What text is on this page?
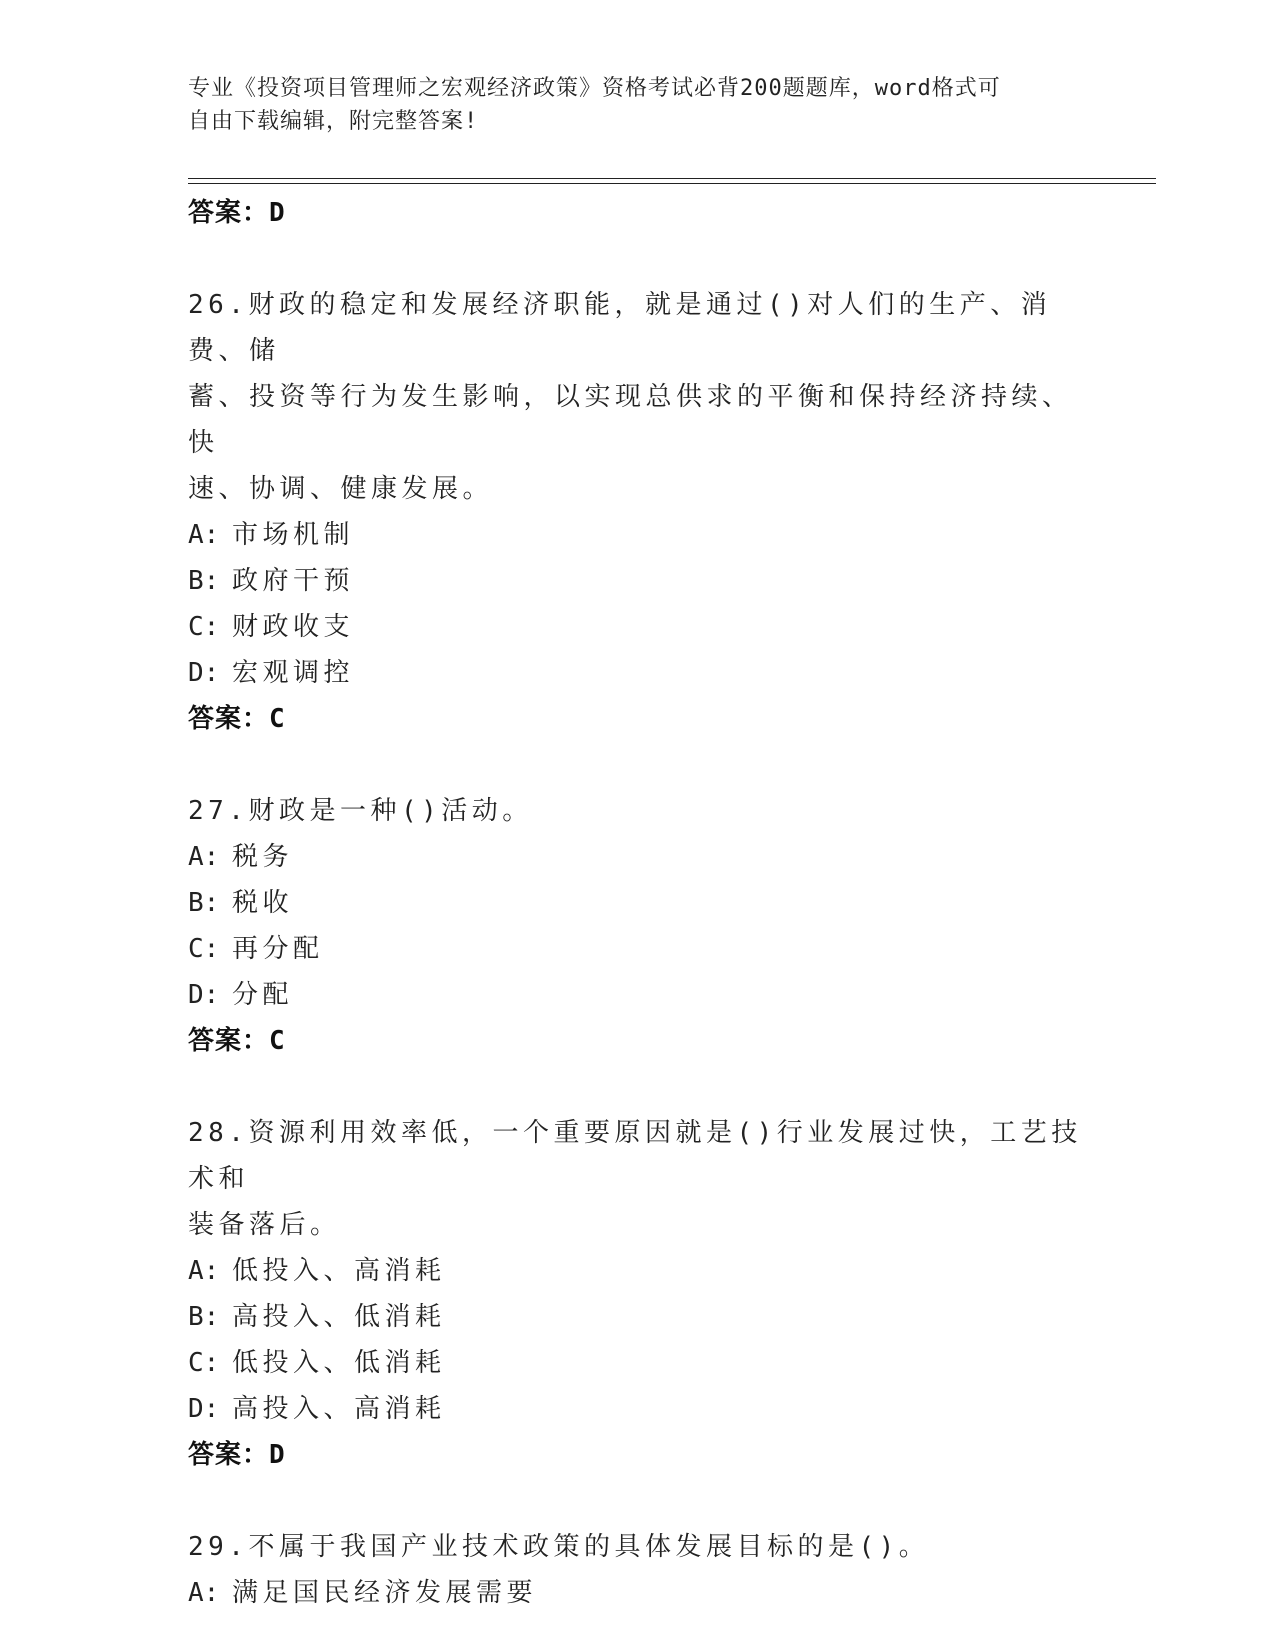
专业《投资项目管理师之宏观经济政策》资格考试必背200题题库，word格式可
自由下载编辑，附完整答案!
答案：D
26.财政的稳定和发展经济职能，就是通过()对人们的生产、消费、储
蓄、投资等行为发生影响，以实现总供求的平衡和保持经济持续、快
速、协调、健康发展。
A: 市场机制
B: 政府干预
C: 财政收支
D: 宏观调控
答案：C
27.财政是一种()活动。
A: 税务
B: 税收
C: 再分配
D: 分配
答案：C
28.资源利用效率低，一个重要原因就是()行业发展过快，工艺技术和
装备落后。
A: 低投入、高消耗
B: 高投入、低消耗
C: 低投入、低消耗
D: 高投入、高消耗
答案：D
29.不属于我国产业技术政策的具体发展目标的是()。
A: 满足国民经济发展需要
